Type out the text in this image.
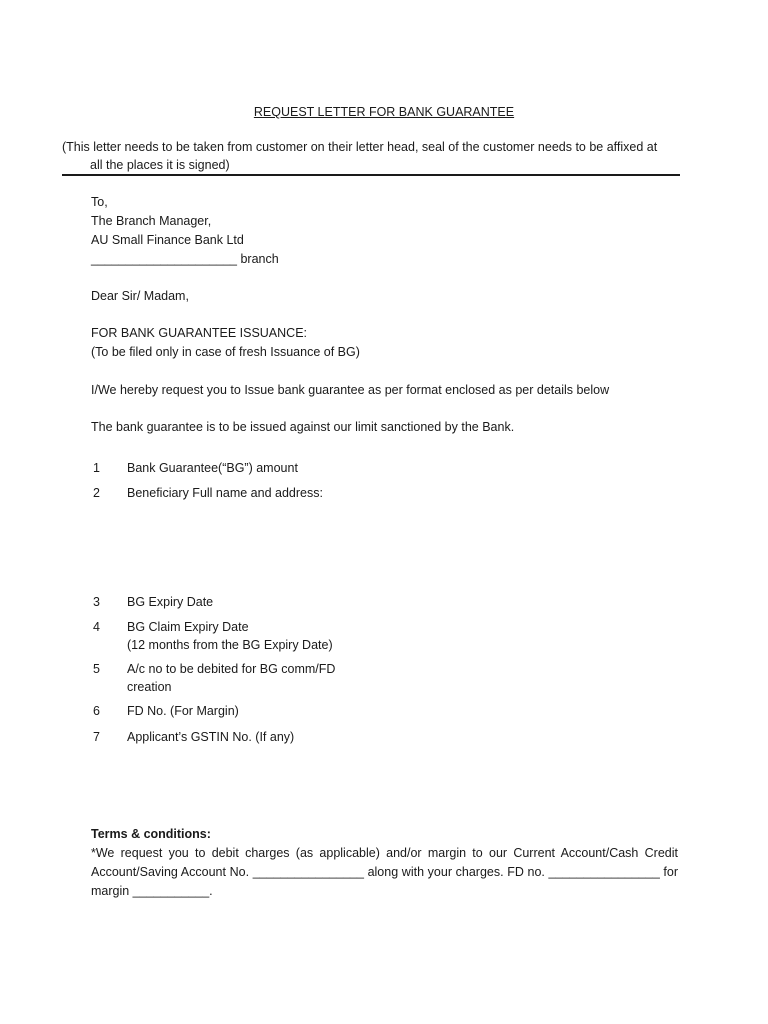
REQUEST LETTER FOR BANK GUARANTEE

(This letter needs to be taken from customer on their letter head, seal of the customer needs to be affixed at
all the places it is signed)

To,

The Branch Manager,

AU Small Finance Bank Ltd

_____________________ branch

Dear Sir/ Madam,

FOR BANK GUARANTEE ISSUANCE:

(To be filed only in case of fresh Issuance of BG)

I/We hereby request you to Issue bank guarantee as per format enclosed as per details below

The bank guarantee is to be issued against our limit sanctioned by the Bank.

1 Bank Guarantee(“BG”) amount

2 Beneficiary Full name and address:

3 BG Expiry Date

4 BG Claim Expiry Date

(12 months from the BG Expiry Date)

5 A/c no to be debited for BG comm/FD

creation

6 FD No. (For Margin)

7 Applicant’s GSTIN No. (If any)

Terms & conditions:
*We request you to debit charges (as applicable) and/or margin to our Current Account/Cash Credit Account/Saving Account No. ________________ along with your charges. FD no. ________________ for margin ___________.
